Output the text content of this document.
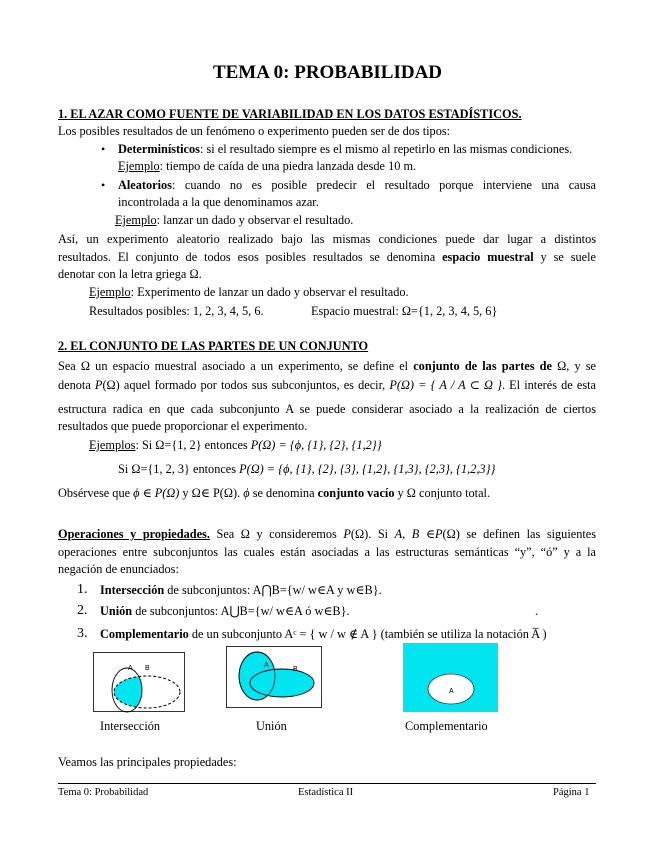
TEMA 0: PROBABILIDAD
1. EL AZAR COMO FUENTE DE VARIABILIDAD EN LOS DATOS ESTADÍSTICOS.
Los posibles resultados de un fenómeno o experimento pueden ser de dos tipos:
• Determinísticos: si el resultado siempre es el mismo al repetirlo en las mismas condiciones.
Ejemplo: tiempo de caída de una piedra lanzada desde 10 m.
• Aleatorios: cuando no es posible predecir el resultado porque interviene una causa
incontrolada a la que denominamos azar.
Ejemplo: lanzar un dado y observar el resultado.
Así, un experimento aleatorio realizado bajo las mismas condiciones puede dar lugar a distintos
resultados. El conjunto de todos esos posibles resultados se denomina espacio muestral y se suele
denotar con la letra griega Ω.
Ejemplo: Experimento de lanzar un dado y observar el resultado.
Resultados posibles: 1, 2, 3, 4, 5, 6.	Espacio muestral: Ω={1, 2, 3, 4, 5, 6}
2. EL CONJUNTO DE LAS PARTES DE UN CONJUNTO
Sea Ω un espacio muestral asociado a un experimento, se define el conjunto de las partes de Ω, y se
denota P(Ω) aquel formado por todos sus subconjuntos, es decir, P(Ω) = { A / A ⊂ Ω }. El interés de esta
estructura radica en que cada subconjunto A se puede considerar asociado a la realización de ciertos
resultados que puede proporcionar el experimento.
Ejemplos: Si Ω={1, 2} entonces P(Ω) = {ϕ, {1}, {2}, {1,2}}
Si Ω={1, 2, 3} entonces P(Ω) = {ϕ, {1}, {2}, {3}, {1,2}, {1,3}, {2,3}, {1,2,3}}
Obsérvese que ϕ ∈ P(Ω) y Ω∈ P(Ω). ϕ se denomina conjunto vacío y Ω conjunto total.
Operaciones y propiedades. Sea Ω y consideremos P(Ω). Si A, B ∈P(Ω) se definen las siguientes
operaciones entre subconjuntos las cuales están asociadas a las estructuras semánticas “y”, “ó” y a la
negación de enunciados:
1. Intersección de subconjuntos: A⋂B={w/ w∈A y w∈B}.
2. Unión de subconjuntos: A⋃B={w/ w∈A ó w∈B}.	.
3. Complementario de un subconjunto Aᶜ = { w / w ∉ A } (también se utiliza la notación A̅ )
A B	A
B
A
Intersección	Unión	Complementario
Veamos las principales propiedades:
Tema 0: Probabilidad	Estadística II	Página 1
